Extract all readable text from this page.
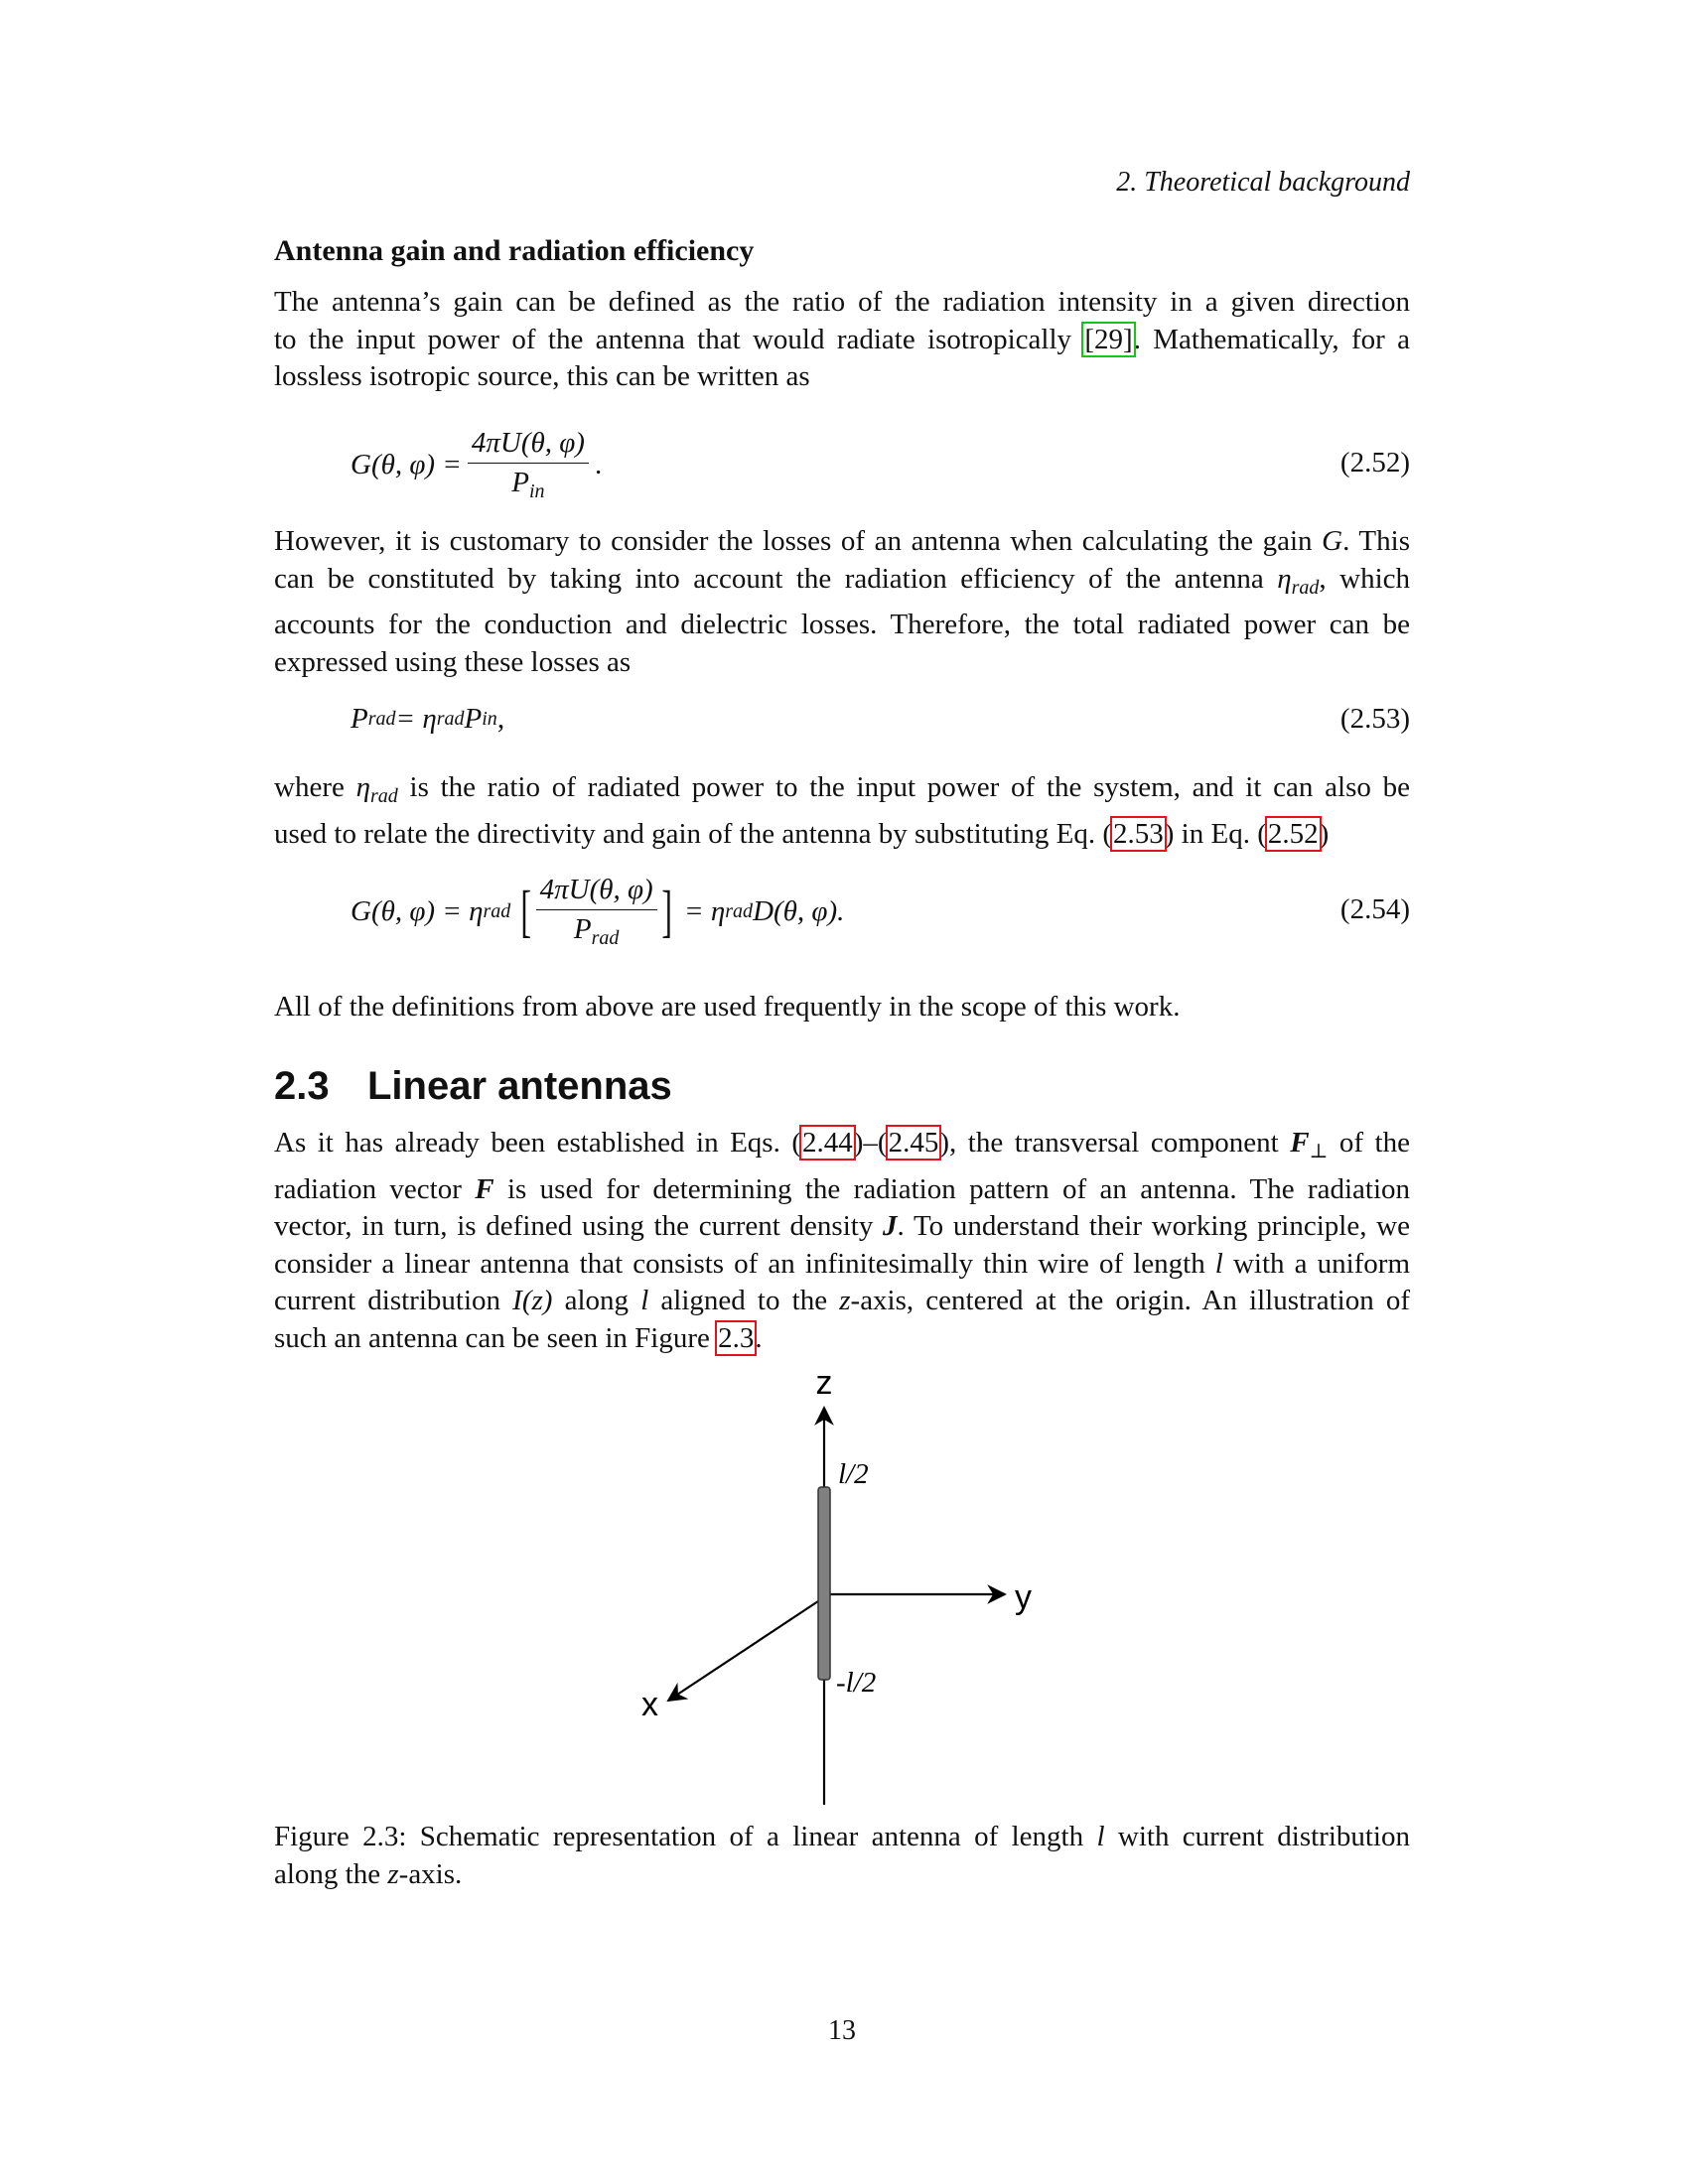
2. Theoretical background
Antenna gain and radiation efficiency
The antenna’s gain can be defined as the ratio of the radiation intensity in a given direction
to the input power of the antenna that would radiate isotropically [29]. Mathematically, for a
lossless isotropic source, this can be written as
G(θ, $\varphi) = \frac{4\pi U(\theta, \varphi)}{P_{in}}$ .	(2.52)
However, it is customary to consider the losses of an antenna when calculating the gain G. This
can be constituted by taking into account the radiation efficiency of the antenna $\eta_{rad}$, which
accounts for the conduction and dielectric losses. Therefore, the total radiated power can be
expressed using these losses as
P rad = η rad P in ,	(2.53)
where $\eta_{rad}$ is the ratio of radiated power to the input power of the system, and it can also be
used to relate the directivity and gain of the antenna by substituting Eq. (2.53) in Eq. (2.52)
G(θ, φ) = η rad [ $\frac{4\pi U(\theta, \varphi)}{P_{rad}}$ ] = η rad D(θ, φ).	(2.54)
All of the definitions from above are used frequently in the scope of this work.
2.3 Linear antennas
As it has already been established in Eqs. (2.44)–(2.45), the transversal component $F_\perp$ of the
radiation vector F is used for determining the radiation pattern of an antenna. The radiation
vector, in turn, is defined using the current density J. To understand their working principle, we
consider a linear antenna that consists of an infinitesimally thin wire of length l with a uniform
current distribution I(z) along l aligned to the z-axis, centered at the origin. An illustration of
such an antenna can be seen in Figure 2.3.
z
y
x
l/2
-l/2
Figure 2.3: Schematic representation of a linear antenna of length l with current distribution
along the z-axis.
13
